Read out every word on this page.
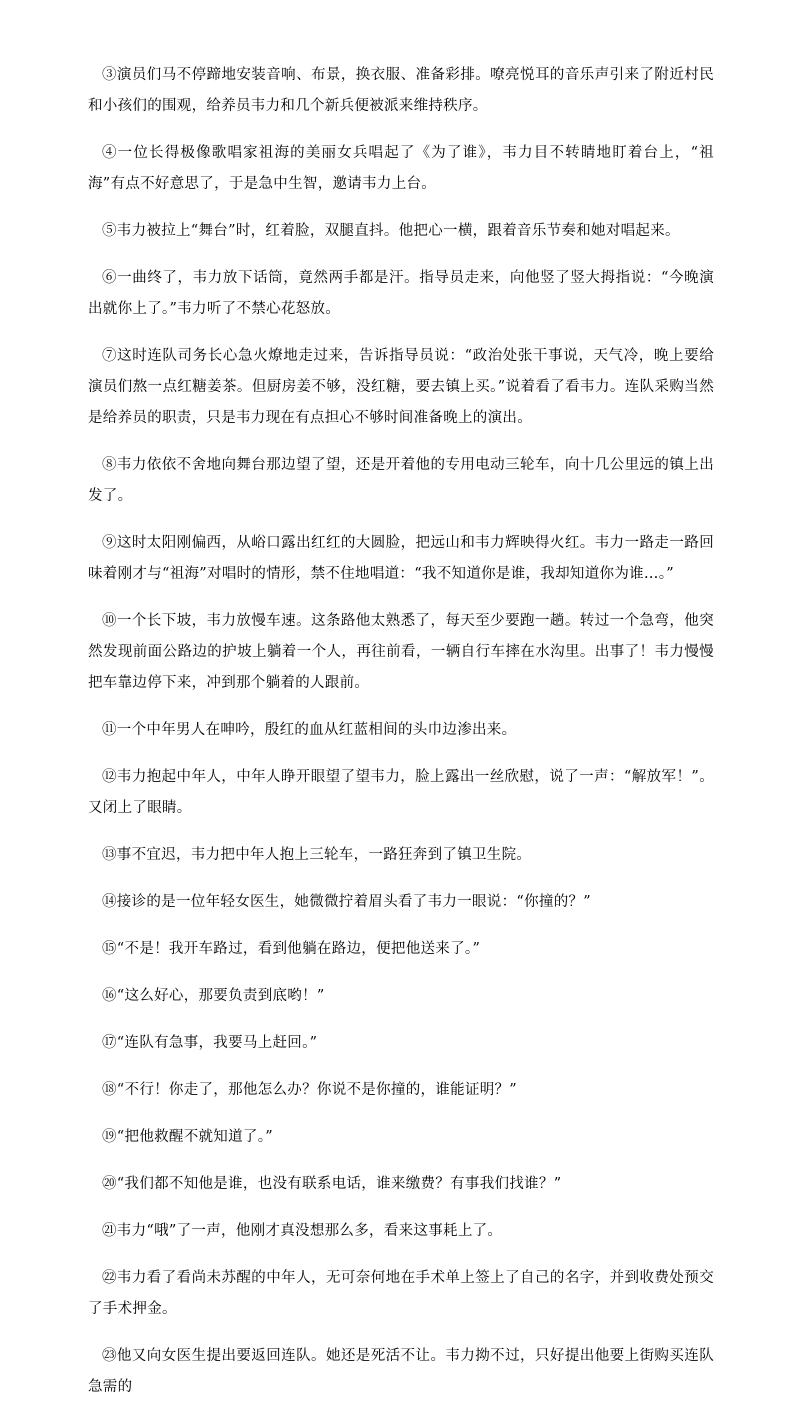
③演员们马不停蹄地安装音响、布景，换衣服、准备彩排。嘹亮悦耳的音乐声引来了附近村民和小孩们的围观，给养员韦力和几个新兵便被派来维持秩序。

④一位长得极像歌唱家祖海的美丽女兵唱起了《为了谁》，韦力目不转睛地盯着台上，“祖海”有点不好意思了，于是急中生智，邀请韦力上台。

⑤韦力被拉上“舞台”时，红着脸，双腿直抖。他把心一横，跟着音乐节奏和她对唱起来。

⑥一曲终了，韦力放下话筒，竟然两手都是汗。指导员走来，向他竖了竖大拇指说：“今晚演出就你上了。”韦力听了不禁心花怒放。

⑦这时连队司务长心急火燎地走过来，告诉指导员说：“政治处张干事说，天气冷，晚上要给演员们熬一点红糖姜茶。但厨房姜不够，没红糖，要去镇上买。”说着看了看韦力。连队采购当然是给养员的职责，只是韦力现在有点担心不够时间准备晚上的演出。

⑧韦力依依不舍地向舞台那边望了望，还是开着他的专用电动三轮车，向十几公里远的镇上出发了。

⑨这时太阳刚偏西，从峪口露出红红的大圆脸，把远山和韦力辉映得火红。韦力一路走一路回味着刚才与“祖海”对唱时的情形，禁不住地唱道：“我不知道你是谁，我却知道你为谁…。”

⑩一个长下坡，韦力放慢车速。这条路他太熟悉了，每天至少要跑一趟。转过一个急弯，他突然发现前面公路边的护坡上躺着一个人，再往前看，一辆自行车摔在水沟里。出事了！韦力慢慢把车靠边停下来，冲到那个躺着的人跟前。

⑪一个中年男人在呻吟，殷红的血从红蓝相间的头巾边渗出来。

⑫韦力抱起中年人，中年人睁开眼望了望韦力，脸上露出一丝欣慰，说了一声：“解放军！”。又闭上了眼睛。

⑬事不宜迟，韦力把中年人抱上三轮车，一路狂奔到了镇卫生院。

⑭接诊的是一位年轻女医生，她微微拧着眉头看了韦力一眼说：“你撞的？”

⑮“不是！我开车路过，看到他躺在路边，便把他送来了。”

⑯“这么好心，那要负责到底哟！”

⑰“连队有急事，我要马上赶回。”

⑱“不行！你走了，那他怎么办？你说不是你撞的，谁能证明？”

⑲“把他救醒不就知道了。”

⑳“我们都不知他是谁，也没有联系电话，谁来缴费？有事我们找谁？”

㉑韦力“哦”了一声，他刚才真没想那么多，看来这事耗上了。

㉒韦力看了看尚未苏醒的中年人，无可奈何地在手术单上签上了自己的名字，并到收费处预交了手术押金。

㉓他又向女医生提出要返回连队。她还是死活不让。韦力拗不过，只好提出他要上街购买连队急需的
